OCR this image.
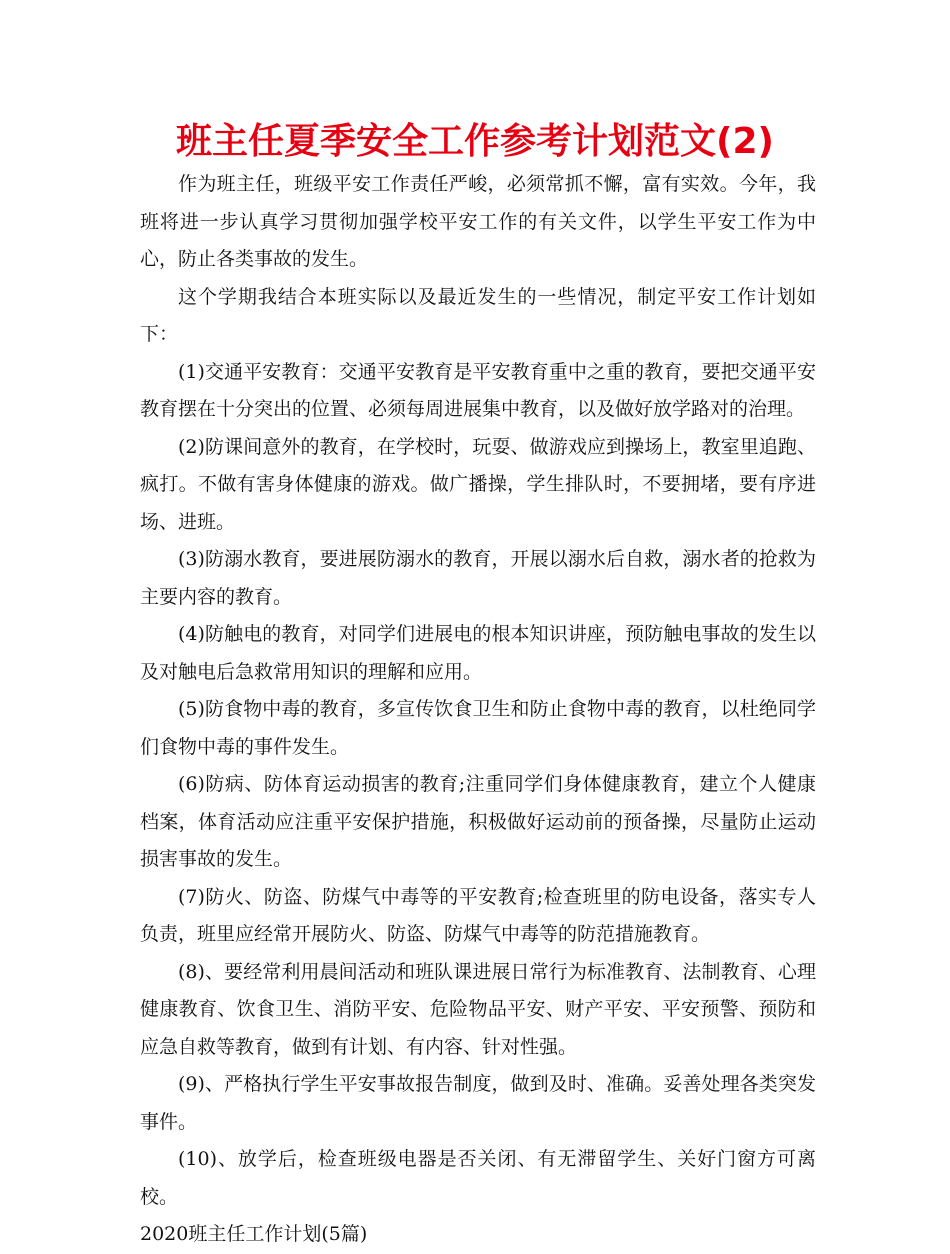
班主任夏季安全工作参考计划范文(2)

作为班主任，班级平安工作责任严峻，必须常抓不懈，富有实效。今年，我班将进一步认真学习贯彻加强学校平安工作的有关文件，以学生平安工作为中心，防止各类事故的发生。

这个学期我结合本班实际以及最近发生的一些情况，制定平安工作计划如下：

(1)交通平安教育：交通平安教育是平安教育重中之重的教育，要把交通平安教育摆在十分突出的位置、必须每周进展集中教育，以及做好放学路对的治理。

(2)防课间意外的教育，在学校时，玩耍、做游戏应到操场上，教室里追跑、疯打。不做有害身体健康的游戏。做广播操，学生排队时，不要拥堵，要有序进场、进班。

(3)防溺水教育，要进展防溺水的教育，开展以溺水后自救，溺水者的抢救为主要内容的教育。

(4)防触电的教育，对同学们进展电的根本知识讲座，预防触电事故的发生以及对触电后急救常用知识的理解和应用。

(5)防食物中毒的教育，多宣传饮食卫生和防止食物中毒的教育，以杜绝同学们食物中毒的事件发生。

(6)防病、防体育运动损害的教育;注重同学们身体健康教育，建立个人健康档案，体育活动应注重平安保护措施，积极做好运动前的预备操，尽量防止运动损害事故的发生。

(7)防火、防盗、防煤气中毒等的平安教育;检查班里的防电设备，落实专人负责，班里应经常开展防火、防盗、防煤气中毒等的防范措施教育。

(8)、要经常利用晨间活动和班队课进展日常行为标准教育、法制教育、心理健康教育、饮食卫生、消防平安、危险物品平安、财产平安、平安预警、预防和应急自救等教育，做到有计划、有内容、针对性强。

(9)、严格执行学生平安事故报告制度，做到及时、准确。妥善处理各类突发事件。

(10)、放学后，检查班级电器是否关闭、有无滞留学生、关好门窗方可离校。

2020班主任工作计划(5篇)
